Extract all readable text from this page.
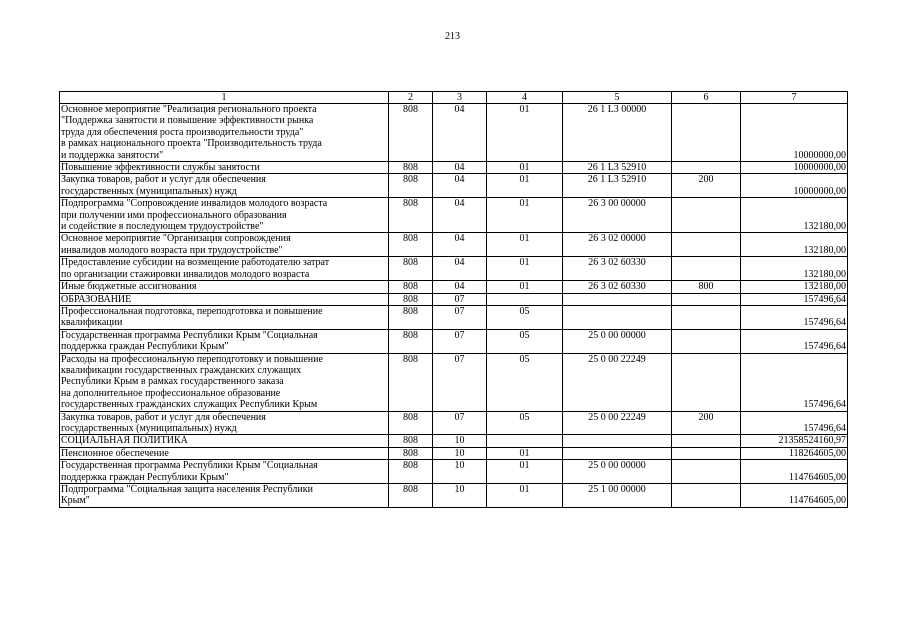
213
1	2	3	4	5	6	7

Основное мероприятие "Реализация регионального проекта
"Поддержка занятости и повышение эффективности рынка
труда для обеспечения роста производительности труда"
в рамках национального проекта "Производительность труда
и поддержка занятости"	808	04	01	26 1 L3 00000		10000000,00

Повышение эффективности службы занятости	808	04	01	26 1 L3 52910		10000000,00

Закупка товаров, работ и услуг для обеспечения
государственных (муниципальных) нужд	808	04	01	26 1 L3 52910	200	10000000,00

Подпрограмма "Сопровождение инвалидов молодого возраста
при получении ими профессионального образования
и содействие в последующем трудоустройстве"	808	04	01	26 3 00 00000		132180,00

Основное мероприятие "Организация сопровождения
инвалидов молодого возраста при трудоустройстве"	808	04	01	26 3 02 00000		132180,00

Предоставление субсидии на возмещение работодателю затрат
по организации стажировки инвалидов молодого возраста	808	04	01	26 3 02 60330		132180,00

Иные бюджетные ассигнования	808	04	01	26 3 02 60330	800	132180,00

ОБРАЗОВАНИЕ	808	07				157496,64

Профессиональная подготовка, переподготовка и повышение
квалификации	808	07	05			157496,64

Государственная программа Республики Крым "Социальная
поддержка граждан Республики Крым"	808	07	05	25 0 00 00000		157496,64

Расходы на профессиональную переподготовку и повышение
квалификации государственных гражданских служащих
Республики Крым в рамках государственного заказа
на дополнительное профессиональное образование
государственных гражданских служащих Республики Крым	808	07	05	25 0 00 22249		157496,64

Закупка товаров, работ и услуг для обеспечения
государственных (муниципальных) нужд	808	07	05	25 0 00 22249	200	157496,64

СОЦИАЛЬНАЯ ПОЛИТИКА	808	10				21358524160,97

Пенсионное обеспечение	808	10	01			118264605,00

Государственная программа Республики Крым "Социальная
поддержка граждан Республики Крым"	808	10	01	25 0 00 00000		114764605,00

Подпрограмма "Социальная защита населения Республики
Крым"	808	10	01	25 1 00 00000		114764605,00
